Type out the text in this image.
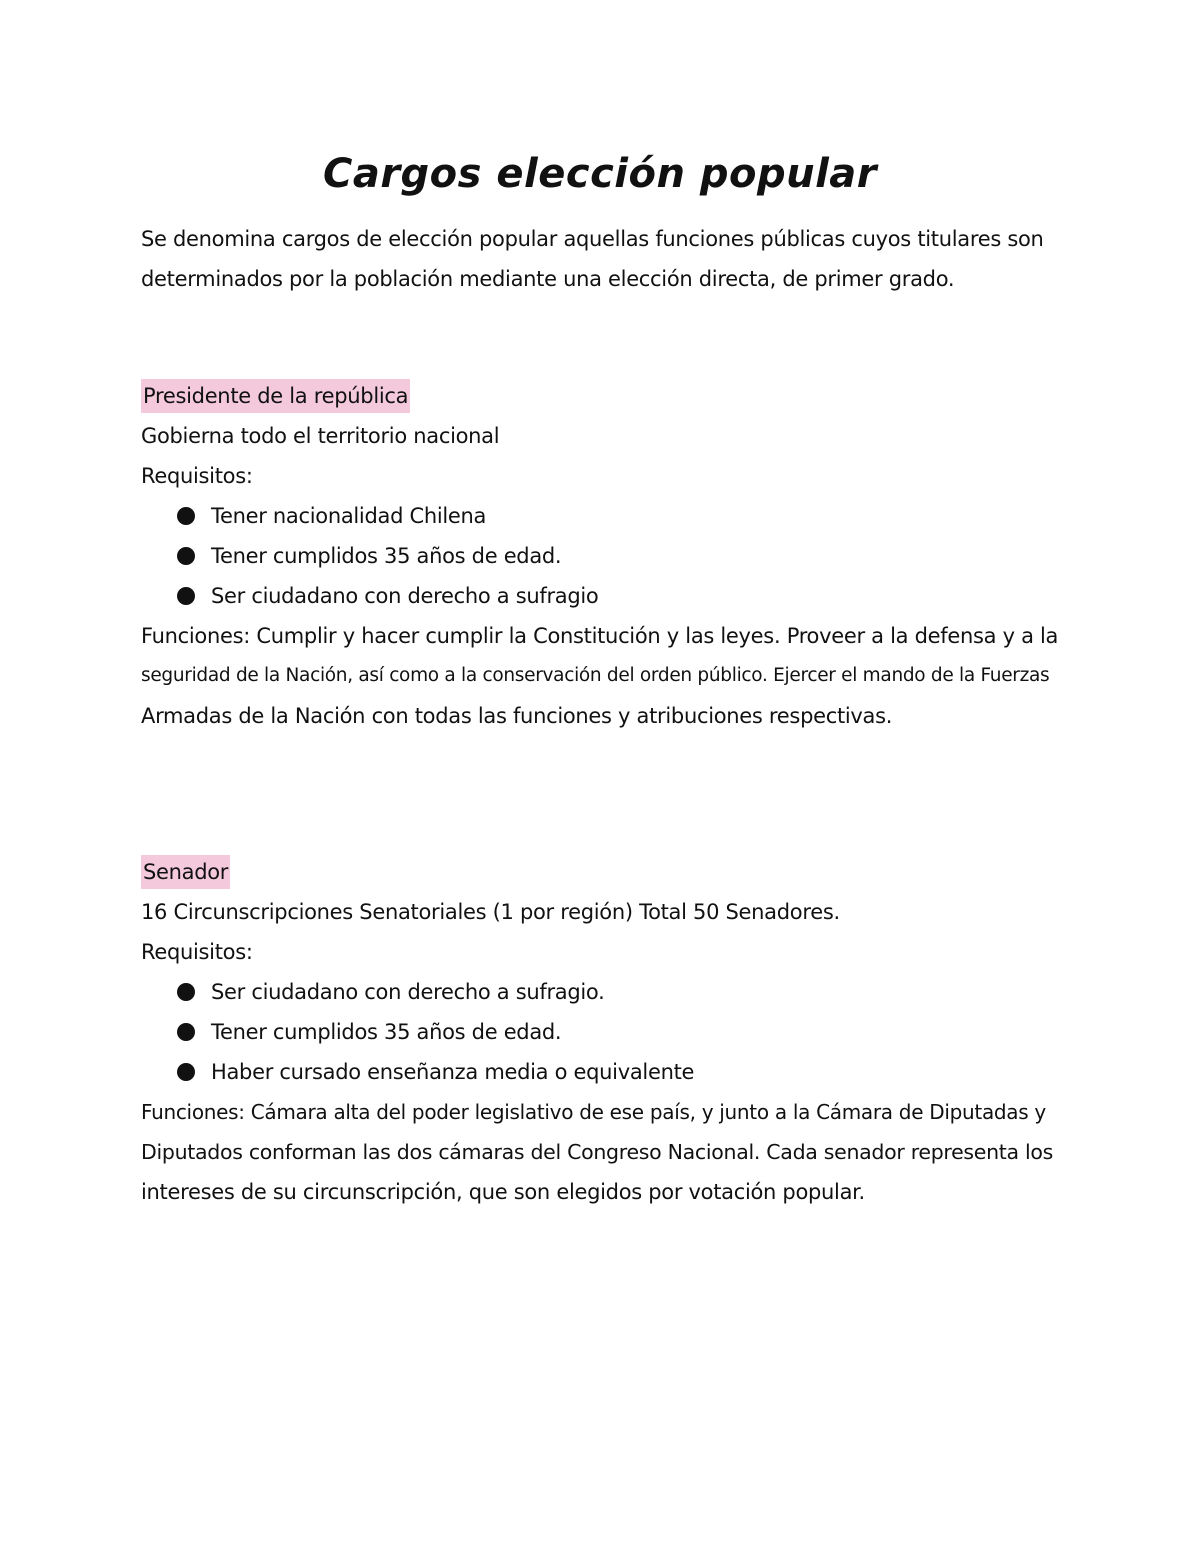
Cargos elección popular
Se denomina cargos de elección popular aquellas funciones públicas cuyos titulares son
determinados por la población mediante una elección directa, de primer grado.
Presidente de la república
Gobierna todo el territorio nacional
Requisitos:
Tener nacionalidad Chilena
Tener cumplidos 35 años de edad.
Ser ciudadano con derecho a sufragio
Funciones: Cumplir y hacer cumplir la Constitución y las leyes. Proveer a la defensa y a la
seguridad de la Nación, así como a la conservación del orden público. Ejercer el mando de la Fuerzas
Armadas de la Nación con todas las funciones y atribuciones respectivas.
Senador
16 Circunscripciones Senatoriales (1 por región) Total 50 Senadores.
Requisitos:
Ser ciudadano con derecho a sufragio.
Tener cumplidos 35 años de edad.
Haber cursado enseñanza media o equivalente
Funciones: Cámara alta del poder legislativo de ese país, y junto a la Cámara de Diputadas y
Diputados conforman las dos cámaras del Congreso Nacional. Cada senador representa los
intereses de su circunscripción, que son elegidos por votación popular.
